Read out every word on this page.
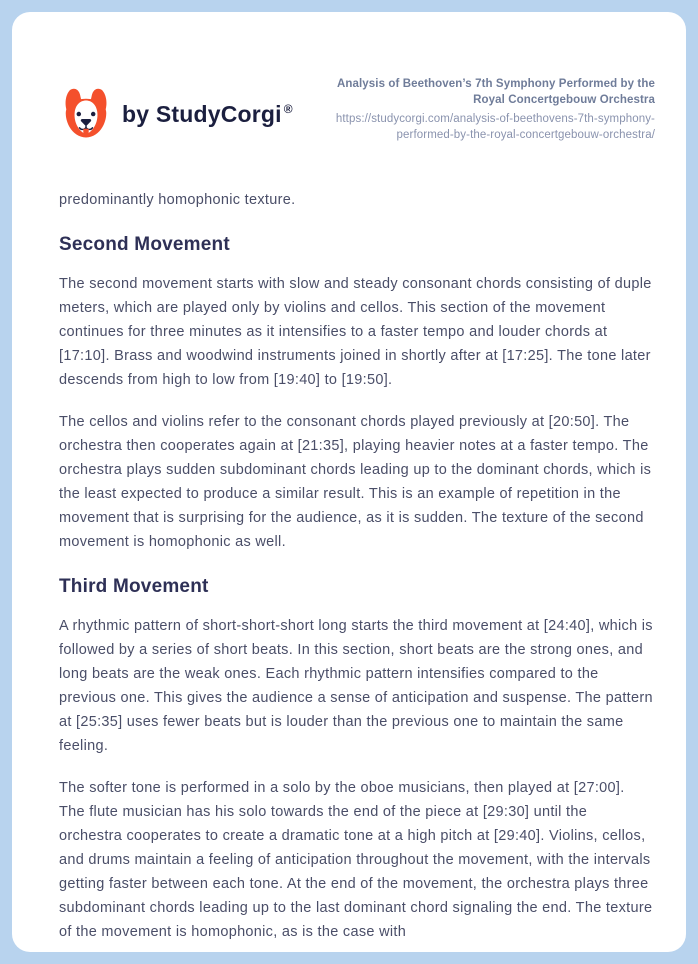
by StudyCorgi ®
Analysis of Beethoven’s 7th Symphony Performed by the Royal Concertgebouw Orchestra
https://studycorgi.com/analysis-of-beethovens-7th-symphony-performed-by-the-royal-concertgebouw-orchestra/

predominantly homophonic texture.

Second Movement

The second movement starts with slow and steady consonant chords consisting of duple meters, which are played only by violins and cellos. This section of the movement continues for three minutes as it intensifies to a faster tempo and louder chords at [17:10]. Brass and woodwind instruments joined in shortly after at [17:25]. The tone later descends from high to low from [19:40] to [19:50].

The cellos and violins refer to the consonant chords played previously at [20:50]. The orchestra then cooperates again at [21:35], playing heavier notes at a faster tempo. The orchestra plays sudden subdominant chords leading up to the dominant chords, which is the least expected to produce a similar result. This is an example of repetition in the movement that is surprising for the audience, as it is sudden. The texture of the second movement is homophonic as well.

Third Movement

A rhythmic pattern of short-short-short long starts the third movement at [24:40], which is followed by a series of short beats. In this section, short beats are the strong ones, and long beats are the weak ones. Each rhythmic pattern intensifies compared to the previous one. This gives the audience a sense of anticipation and suspense. The pattern at [25:35] uses fewer beats but is louder than the previous one to maintain the same feeling.

The softer tone is performed in a solo by the oboe musicians, then played at [27:00]. The flute musician has his solo towards the end of the piece at [29:30] until the orchestra cooperates to create a dramatic tone at a high pitch at [29:40]. Violins, cellos, and drums maintain a feeling of anticipation throughout the movement, with the intervals getting faster between each tone. At the end of the movement, the orchestra plays three subdominant chords leading up to the last dominant chord signaling the end. The texture of the movement is homophonic, as is the case with
